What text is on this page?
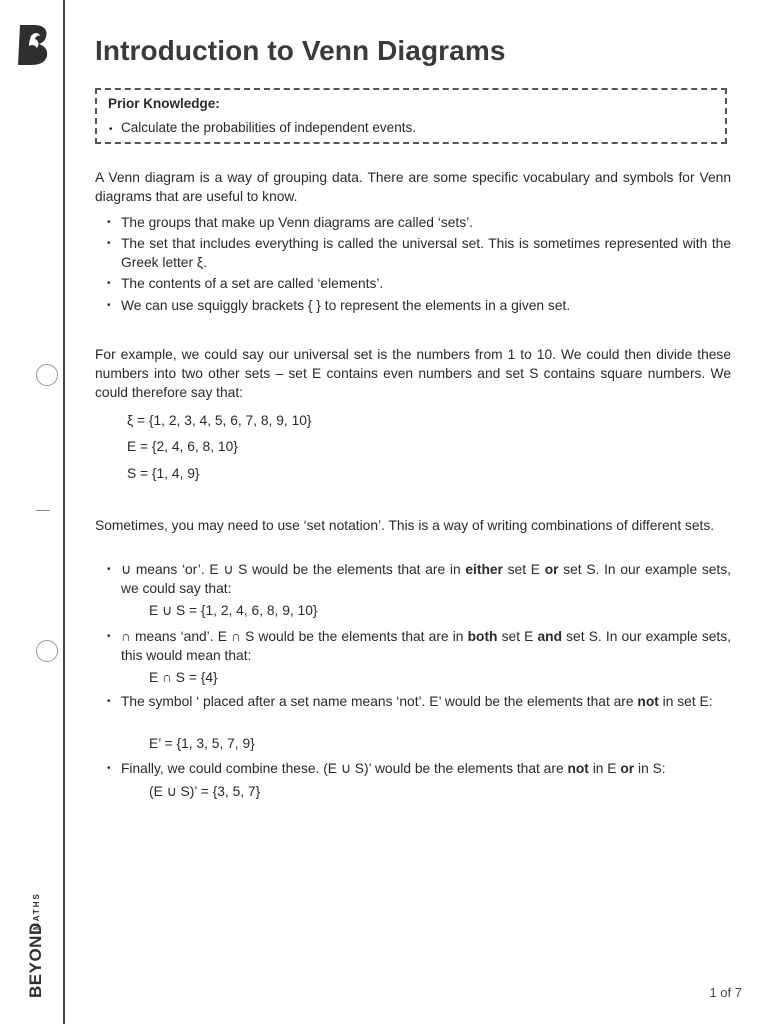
BEYOND
MATHS
Introduction to Venn Diagrams
Prior Knowledge:
• Calculate the probabilities of independent events.
A Venn diagram is a way of grouping data. There are some specific vocabulary and symbols for Venn diagrams that are useful to know.
• The groups that make up Venn diagrams are called ‘sets’.
• The set that includes everything is called the universal set. This is sometimes represented with the Greek letter ξ.
• The contents of a set are called ‘elements’.
• We can use squiggly brackets { } to represent the elements in a given set.
For example, we could say our universal set is the numbers from 1 to 10. We could then divide these numbers into two other sets – set E contains even numbers and set S contains square numbers. We could therefore say that:
ξ = {1, 2, 3, 4, 5, 6, 7, 8, 9, 10}
E = {2, 4, 6, 8, 10}
S = {1, 4, 9}
Sometimes, you may need to use ‘set notation’. This is a way of writing combinations of different sets.
• ∪ means ‘or’. E ∪ S would be the elements that are in either set E or set S. In our example sets, we could say that:
E ∪ S = {1, 2, 4, 6, 8, 9, 10}
• ∩ means ‘and’. E ∩ S would be the elements that are in both set E and set S. In our example sets, this would mean that:
E ∩ S = {4}
• The symbol ‘ placed after a set name means ‘not’. E’ would be the elements that are not in set E:
E’ = {1, 3, 5, 7, 9}
• Finally, we could combine these. (E ∪ S)’ would be the elements that are not in E or in S:
(E ∪ S)’ = {3, 5, 7}
1 of 7
